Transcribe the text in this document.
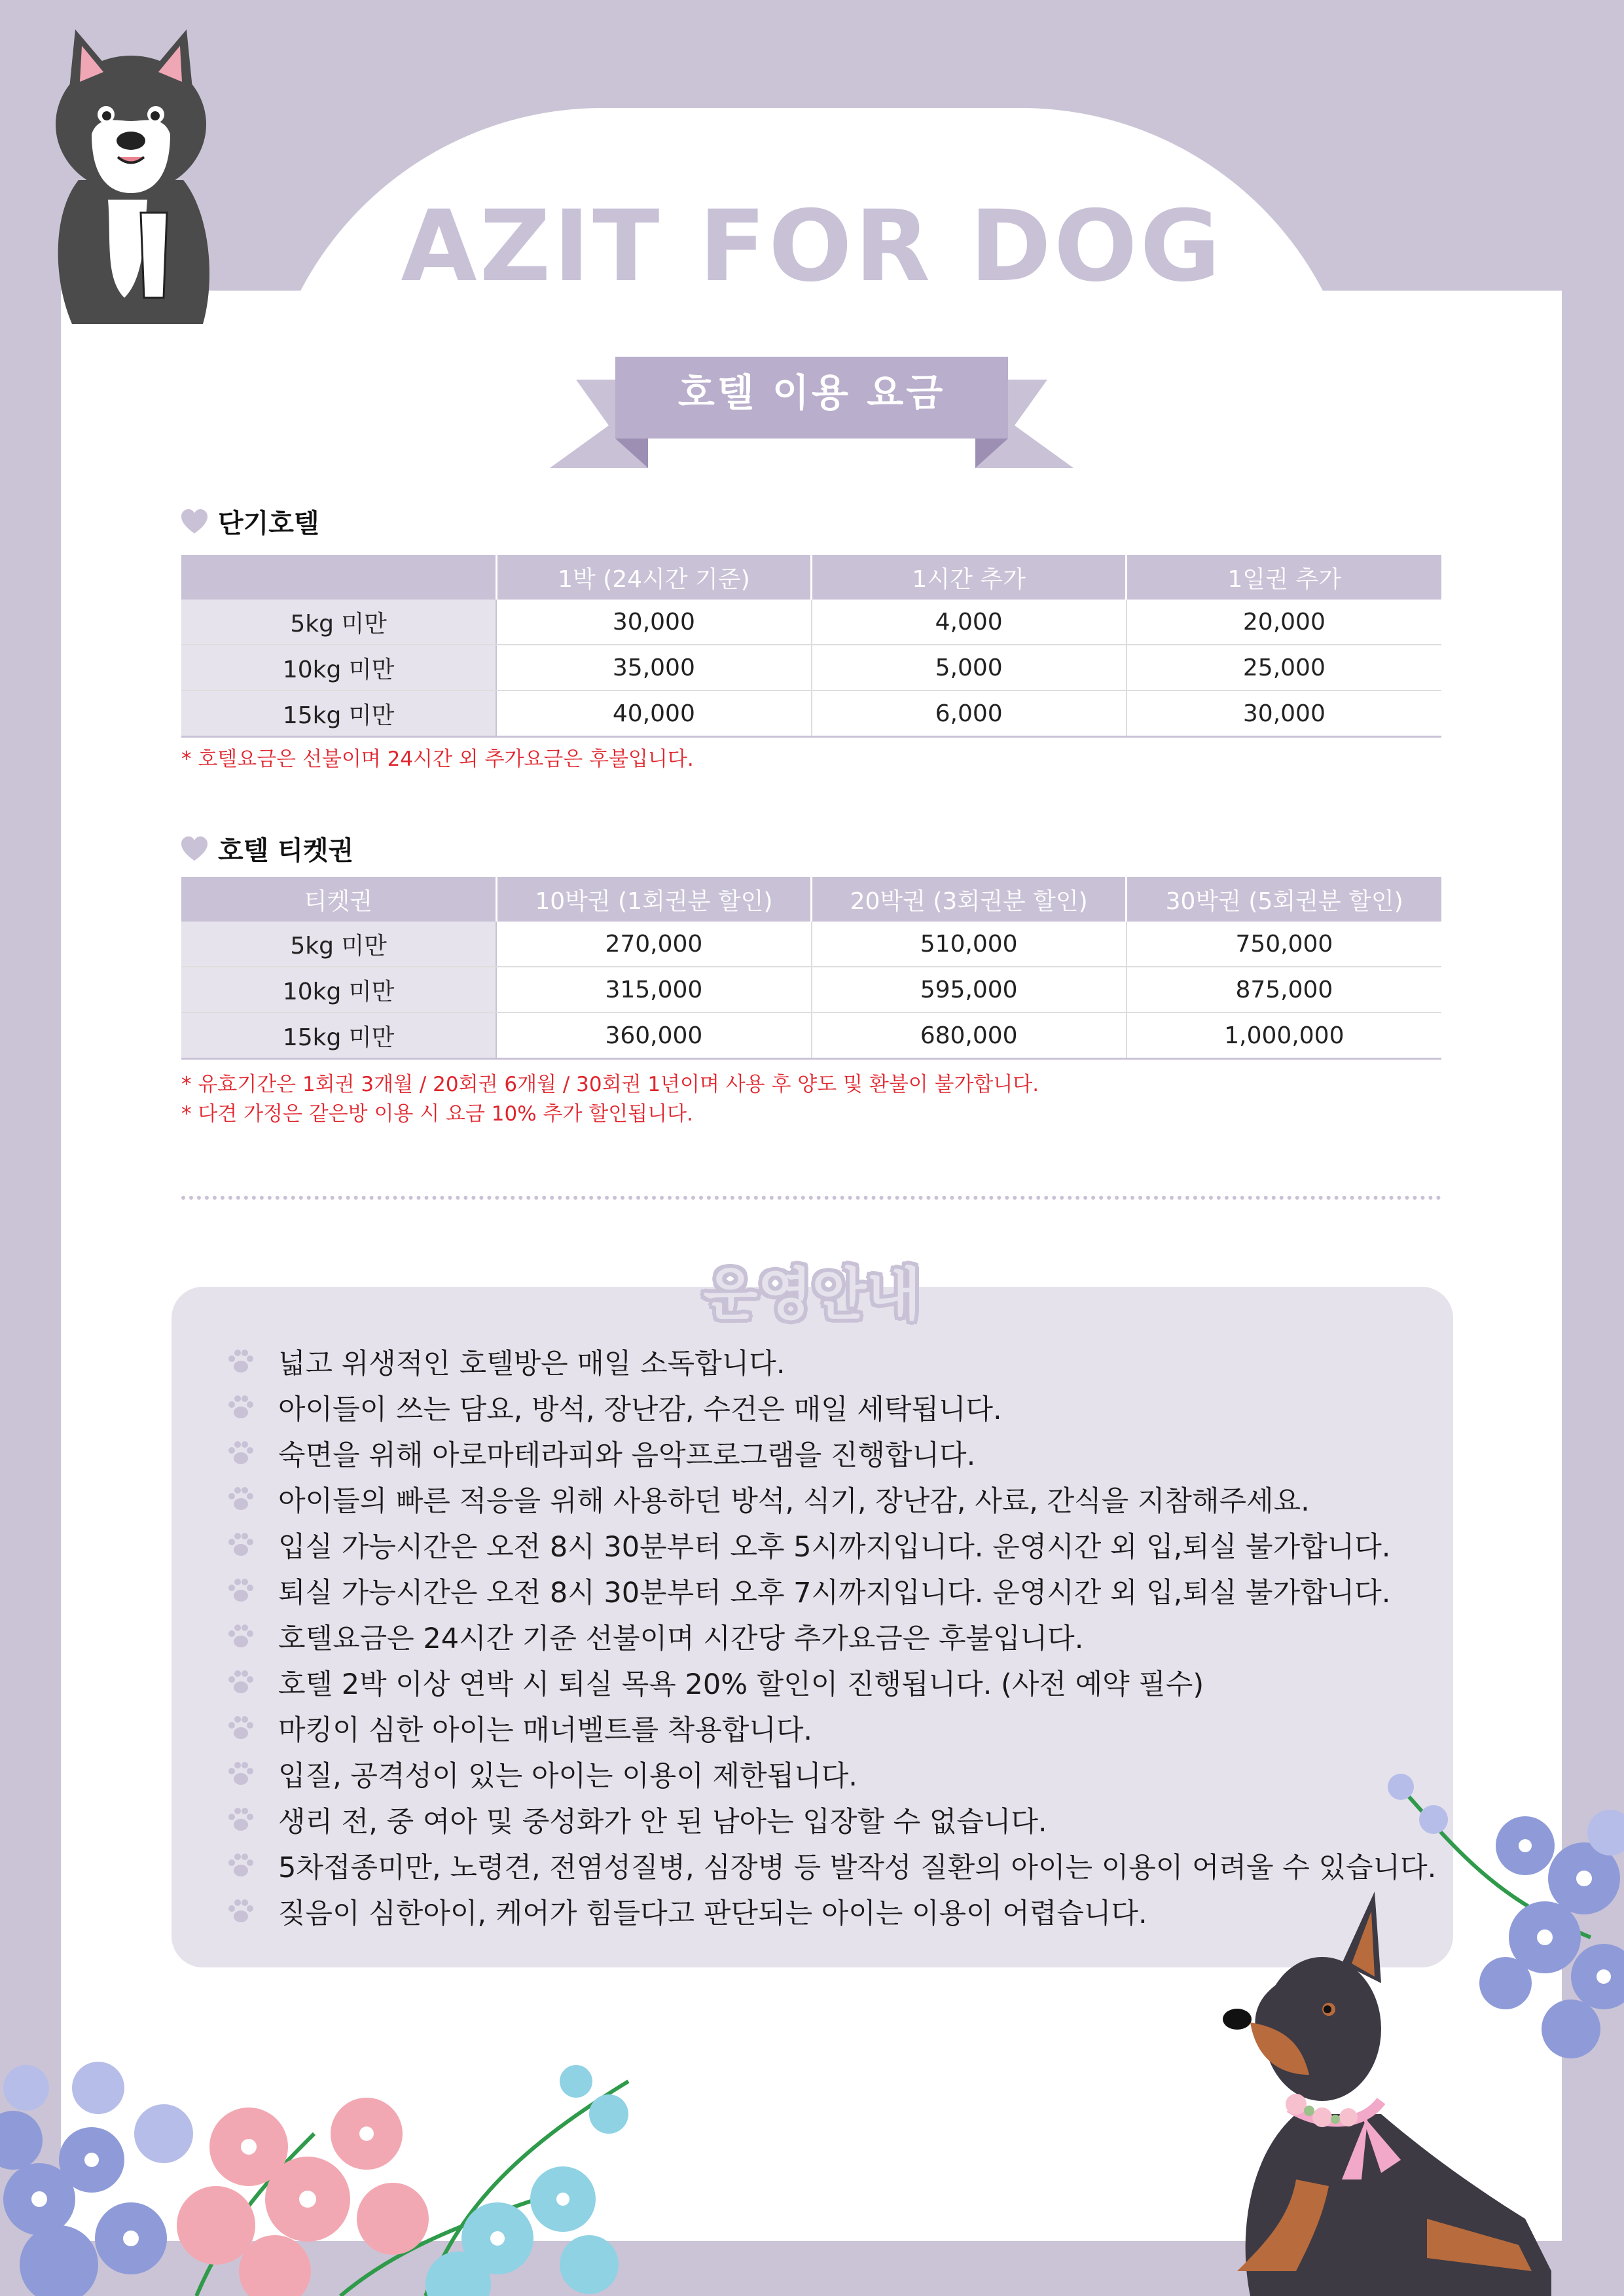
AZIT FOR DOG
호텔 이용 요금
단기호텔
	1박 (24시간 기준)	1시간 추가	1일권 추가
5kg 미만	30,000	4,000	20,000
10kg 미만	35,000	5,000	25,000
15kg 미만	40,000	6,000	30,000
* 호텔요금은 선불이며 24시간 외 추가요금은 후불입니다.
호텔 티켓권
티켓권	10박권 (1회권분 할인)	20박권 (3회권분 할인)	30박권 (5회권분 할인)
5kg 미만	270,000	510,000	750,000
10kg 미만	315,000	595,000	875,000
15kg 미만	360,000	680,000	1,000,000
* 유효기간은 1회권 3개월 / 20회권 6개월 / 30회권 1년이며 사용 후 양도 및 환불이 불가합니다.
* 다견 가정은 같은방 이용 시 요금 10% 추가 할인됩니다.
운영안내
넓고 위생적인 호텔방은 매일 소독합니다.
아이들이 쓰는 담요, 방석, 장난감, 수건은 매일 세탁됩니다.
숙면을 위해 아로마테라피와 음악프로그램을 진행합니다.
아이들의 빠른 적응을 위해 사용하던 방석, 식기, 장난감, 사료, 간식을 지참해주세요.
입실 가능시간은 오전 8시 30분부터 오후 5시까지입니다. 운영시간 외 입,퇴실 불가합니다.
퇴실 가능시간은 오전 8시 30분부터 오후 7시까지입니다. 운영시간 외 입,퇴실 불가합니다.
호텔요금은 24시간 기준 선불이며 시간당 추가요금은 후불입니다.
호텔 2박 이상 연박 시 퇴실 목욕 20% 할인이 진행됩니다. (사전 예약 필수)
마킹이 심한 아이는 매너벨트를 착용합니다.
입질, 공격성이 있는 아이는 이용이 제한됩니다.
생리 전, 중 여아 및 중성화가 안 된 남아는 입장할 수 없습니다.
5차접종미만, 노령견, 전염성질병, 심장병 등 발작성 질환의 아이는 이용이 어려울 수 있습니다.
짖음이 심한아이, 케어가 힘들다고 판단되는 아이는 이용이 어렵습니다.
